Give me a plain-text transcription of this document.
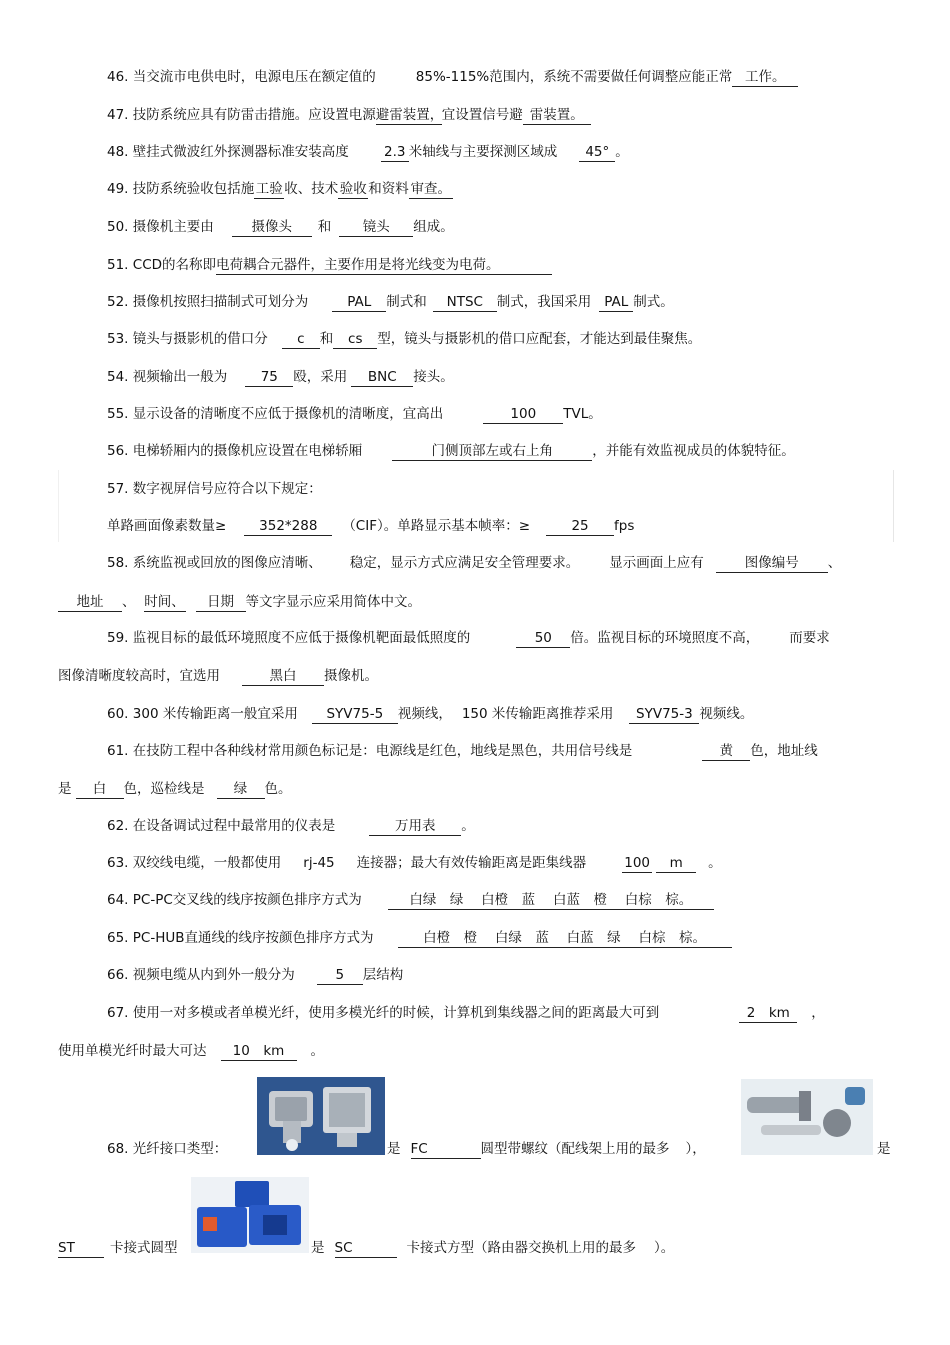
46. 当交流市电供电时，电源电压在额定值的	85%-115%范围内，系统不需要做任何调整应能正常 工作。
47. 技防系统应具有防雷击措施。应设置电源避雷装置，宜设置信号避 雷装置。
48. 壁挂式微波红外探测器标准安装高度	2.3 米轴线与主要探测区域成 45° 。
49. 技防系统验收包括施 工验 收、技术 验收 和资料 审查。
50. 摄像机主要由	摄像头 和 镜头 组成。
51. CCD的名称即电荷耦合元器件，主要作用是将光线变为电荷。
52. 摄像机按照扫描制式可划分为	PAL 制式和 NTSC 制式，我国采用 PAL 制式。
53. 镜头与摄影机的借口分 c 和 cs 型，镜头与摄影机的借口应配套，才能达到最佳聚焦。
54. 视频输出一般为 75 殴，采用 BNC 接头。
55. 显示设备的清晰度不应低于摄像机的清晰度，宜高出	100 TVL。
56. 电梯轿厢内的摄像机应设置在电梯轿厢	门侧顶部左或右上角	，并能有效监视成员的体貌特征。
57. 数字视屏信号应符合以下规定：
单路画面像素数量≥ 352*288 （CIF）。单路显示基本帧率：≥	25 fps
58. 系统监视或回放的图像应清晰、 稳定，显示方式应满足安全管理要求。 显示画面上应有	图像编号 、
地址 、 时间、 日期 等文字显示应采用简体中文。
59. 监视目标的最低环境照度不应低于摄像机靶面最低照度的	50 倍。监视目标的环境照度不高， 而要求
图像清晰度较高时，宜选用	黑白 摄像机。
60. 300 米传输距离一般宜采用 SYV75-5 视频线， 150 米传输距离推荐采用 SYV75-3 视频线。
61. 在技防工程中各种线材常用颜色标记是：电源线是红色，地线是黑色，共用信号线是	黄 色，地址线
是 白 色，巡检线是 绿 色。
62. 在设备调试过程中最常用的仪表是	万用表 。
63. 双绞线电缆，一般都使用 rj-45 连接器；最大有效传输距离是距集线器	100 m 。
64. PC-PC交叉线的线序按颜色排序方式为	白绿　绿　 白橙　蓝　 白蓝　橙　 白棕　棕。
65. PC-HUB直通线的线序按颜色排序方式为	白橙　橙　 白绿　蓝　 白蓝　绿　 白棕　棕。
66. 视频电缆从内到外一般分为	5 层结构
67. 使用一对多模或者单模光纤，使用多模光纤的时候，计算机到集线器之间的距离最大可到	2　km ，
使用单模光纤时最大可达 10　km 。
68. 光纤接口类型：	是 FC	圆型带螺纹（配线架上用的最多 ），	是
ST	卡接式圆型	是 SC	卡接式方型（路由器交换机上用的最多 ）。
